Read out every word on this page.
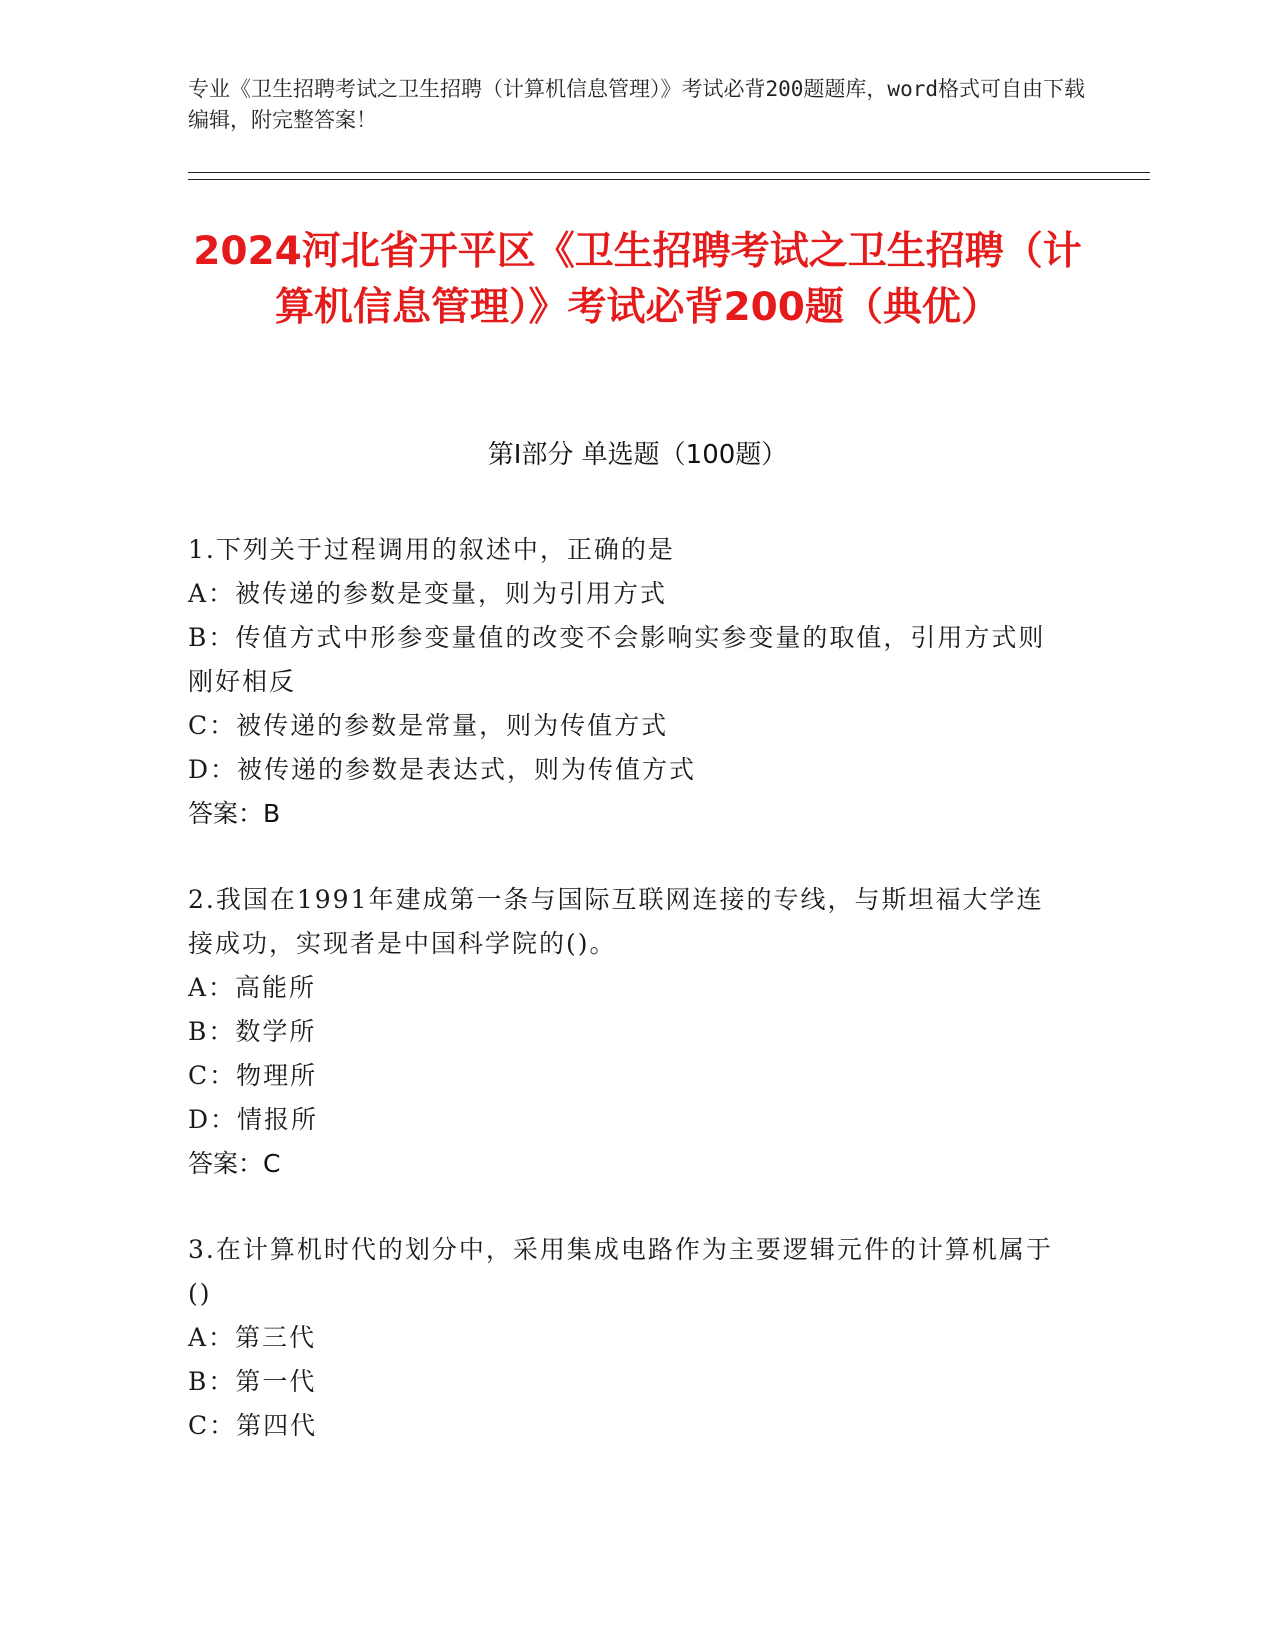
专业《卫生招聘考试之卫生招聘（计算机信息管理）》考试必背200题题库，word格式可自由下载编辑，附完整答案！
2024河北省开平区《卫生招聘考试之卫生招聘（计算机信息管理）》考试必背200题（典优）
第Ⅰ部分 单选题（100题）
1.下列关于过程调用的叙述中，正确的是
A：被传递的参数是变量，则为引用方式
B：传值方式中形参变量值的改变不会影响实参变量的取值，引用方式则刚好相反
C：被传递的参数是常量，则为传值方式
D：被传递的参数是表达式，则为传值方式
答案：B
2.我国在1991年建成第一条与国际互联网连接的专线，与斯坦福大学连接成功，实现者是中国科学院的()。
A：高能所
B：数学所
C：物理所
D：情报所
答案：C
3.在计算机时代的划分中，采用集成电路作为主要逻辑元件的计算机属于()
A：第三代
B：第一代
C：第四代
